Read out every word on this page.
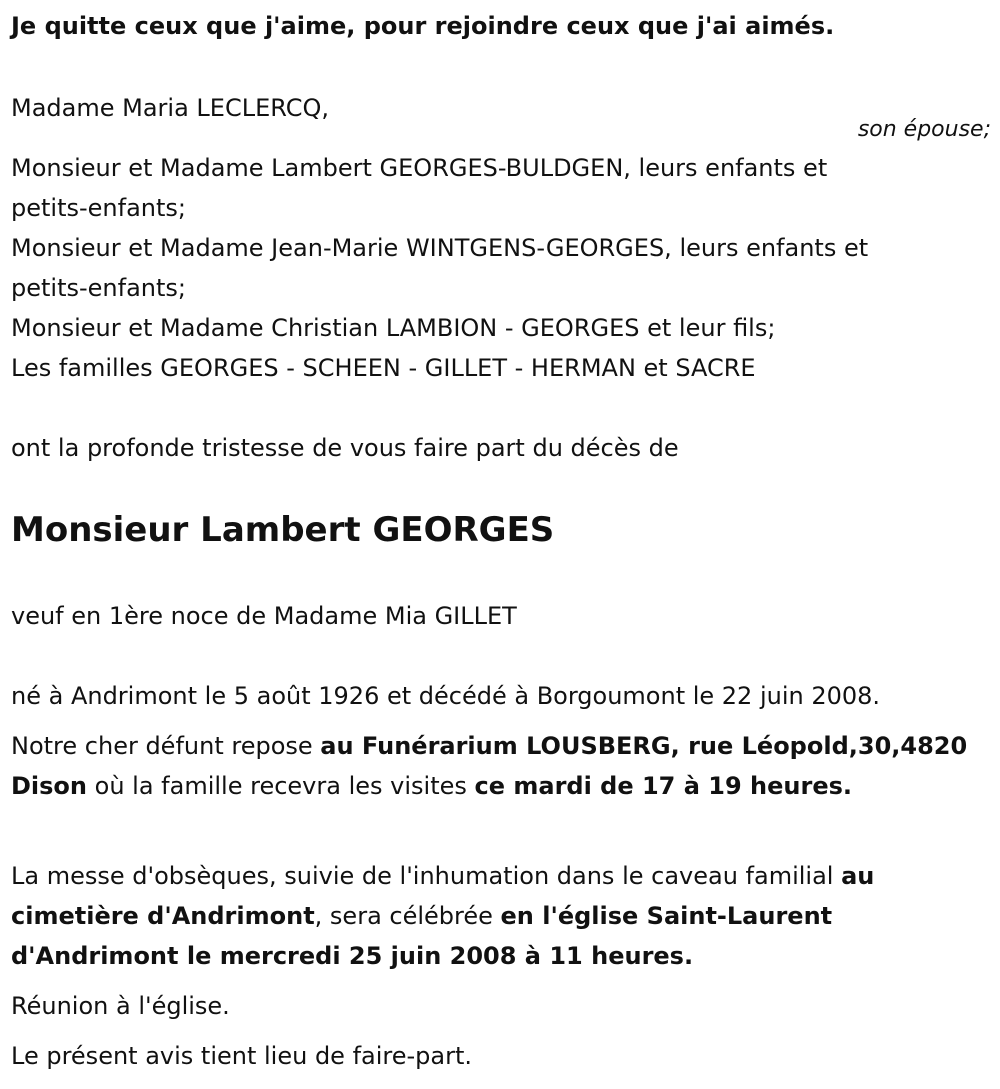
Je quitte ceux que j'aime, pour rejoindre ceux que j'ai aimés.
Madame Maria LECLERCQ,
son épouse;
Monsieur et Madame Lambert GEORGES-BULDGEN, leurs enfants et
petits-enfants;
Monsieur et Madame Jean-Marie WINTGENS-GEORGES, leurs enfants et
petits-enfants;
Monsieur et Madame Christian LAMBION - GEORGES et leur fils;
Les familles GEORGES - SCHEEN - GILLET - HERMAN et SACRE
ont la profonde tristesse de vous faire part du décès de
Monsieur Lambert GEORGES
veuf en 1ère noce de Madame Mia GILLET
né à Andrimont le 5 août 1926 et décédé à Borgoumont le 22 juin 2008.
Notre cher défunt repose au Funérarium LOUSBERG, rue Léopold,30,4820 Dison où la famille recevra les visites ce mardi de 17 à 19 heures.
La messe d'obsèques, suivie de l'inhumation dans le caveau familial au cimetière d'Andrimont, sera célébrée en l'église Saint-Laurent d'Andrimont le mercredi 25 juin 2008 à 11 heures.
Réunion à l'église.
Le présent avis tient lieu de faire-part.
